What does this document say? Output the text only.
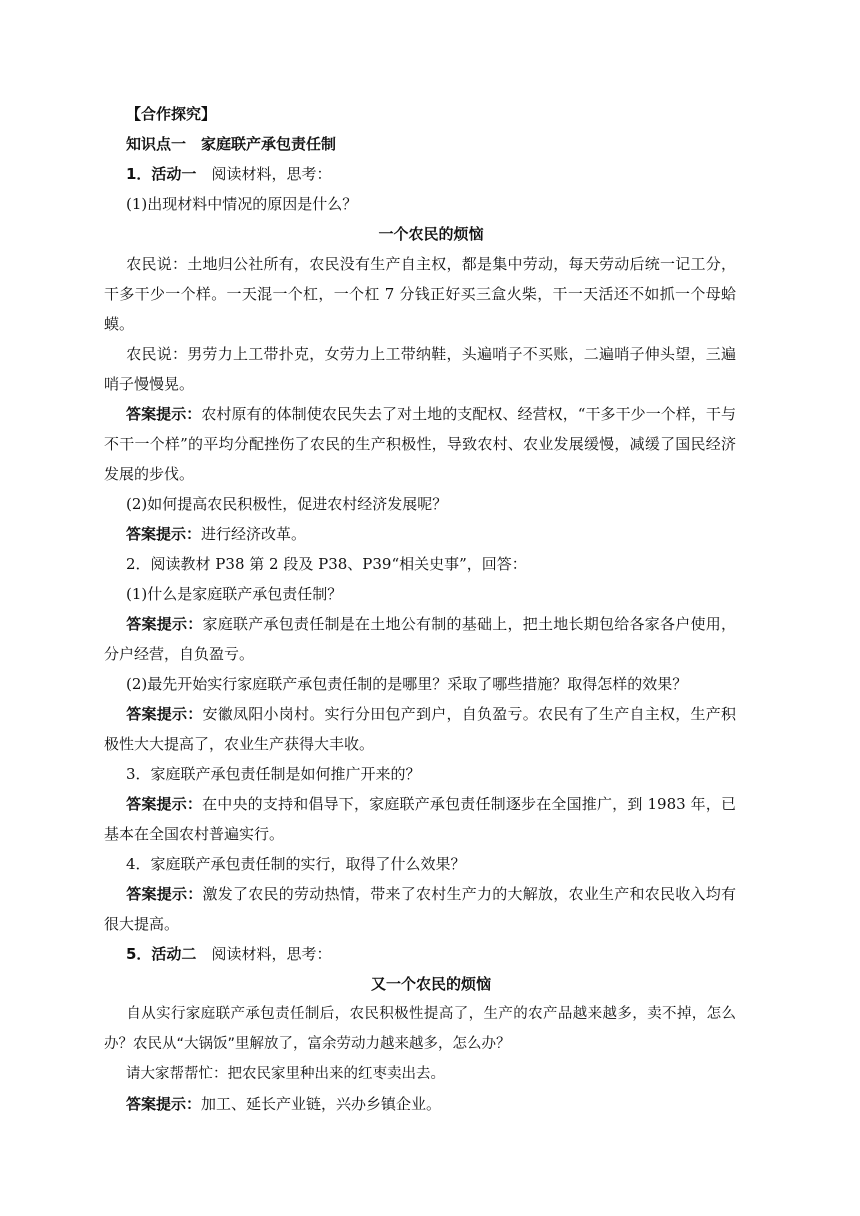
【合作探究】

知识点一　家庭联产承包责任制

1．活动一　阅读材料，思考：

(1)出现材料中情况的原因是什么？

一个农民的烦恼

农民说：土地归公社所有，农民没有生产自主权，都是集中劳动，每天劳动后统一记工分，干多干少一个样。一天混一个杠，一个杠 7 分钱正好买三盒火柴，干一天活还不如抓一个母蛤蟆。

农民说：男劳力上工带扑克，女劳力上工带纳鞋，头遍哨子不买账，二遍哨子伸头望，三遍哨子慢慢晃。

答案提示：农村原有的体制使农民失去了对土地的支配权、经营权，“干多干少一个样，干与不干一个样”的平均分配挫伤了农民的生产积极性，导致农村、农业发展缓慢，减缓了国民经济发展的步伐。

(2)如何提高农民积极性，促进农村经济发展呢？

答案提示：进行经济改革。

2．阅读教材 P38 第 2 段及 P38、P39“相关史事”，回答：

(1)什么是家庭联产承包责任制？

答案提示：家庭联产承包责任制是在土地公有制的基础上，把土地长期包给各家各户使用，分户经营，自负盈亏。

(2)最先开始实行家庭联产承包责任制的是哪里？采取了哪些措施？取得怎样的效果？

答案提示：安徽凤阳小岗村。实行分田包产到户，自负盈亏。农民有了生产自主权，生产积极性大大提高了，农业生产获得大丰收。

3．家庭联产承包责任制是如何推广开来的？

答案提示：在中央的支持和倡导下，家庭联产承包责任制逐步在全国推广，到 1983 年，已基本在全国农村普遍实行。

4．家庭联产承包责任制的实行，取得了什么效果？

答案提示：激发了农民的劳动热情，带来了农村生产力的大解放，农业生产和农民收入均有很大提高。

5．活动二　阅读材料，思考：

又一个农民的烦恼

自从实行家庭联产承包责任制后，农民积极性提高了，生产的农产品越来越多，卖不掉，怎么办？农民从“大锅饭”里解放了，富余劳动力越来越多，怎么办？

请大家帮帮忙：把农民家里种出来的红枣卖出去。

答案提示：加工、延长产业链，兴办乡镇企业。
